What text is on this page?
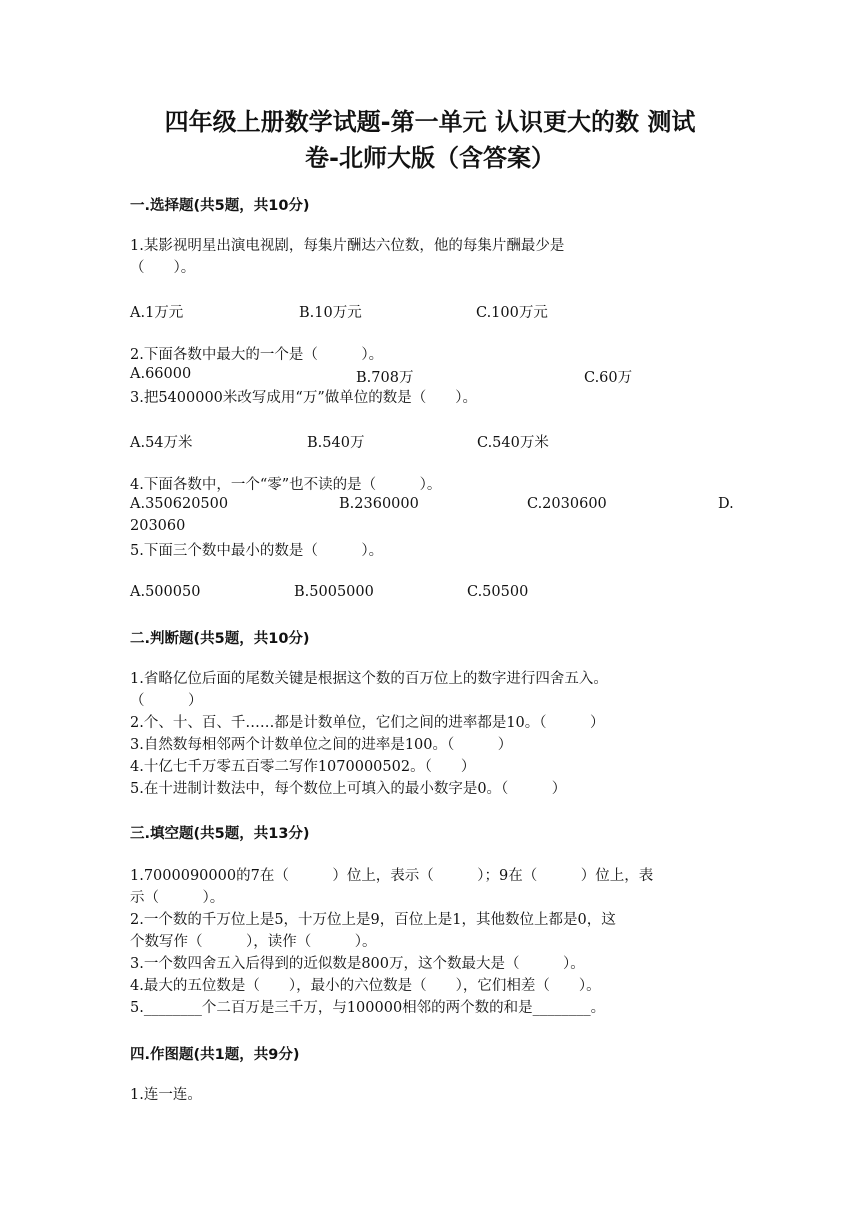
四年级上册数学试题-第一单元 认识更大的数 测试
卷-北师大版（含答案）
一.选择题(共5题，共10分)
1.某影视明星出演电视剧，每集片酬达六位数，他的每集片酬最少是
（　　）。
A.1万元	B.10万元	C.100万元
2.下面各数中最大的一个是（　　　）。
A.66000	B.708万	C.60万
3.把5400000米改写成用“万”做单位的数是（　　）。
A.54万米	B.540万	C.540万米
4.下面各数中，一个“零”也不读的是（　　　）。
A.350620500	B.2360000	C.2030600	D.
203060
5.下面三个数中最小的数是（　　　）。
A.500050	B.5005000	C.50500
二.判断题(共5题，共10分)
1.省略亿位后面的尾数关键是根据这个数的百万位上的数字进行四舍五入。
（　　　）
2.个、十、百、千……都是计数单位，它们之间的进率都是10。（　　　）
3.自然数每相邻两个计数单位之间的进率是100。（　　　）
4.十亿七千万零五百零二写作1070000502。（　　）
5.在十进制计数法中，每个数位上可填入的最小数字是0。（　　　）
三.填空题(共5题，共13分)
1.7000090000的7在（　　　）位上，表示（　　　）；9在（　　　）位上，表
示（　　　）。
2.一个数的千万位上是5，十万位上是9，百位上是1，其他数位上都是0，这
个数写作（　　　），读作（　　　）。
3.一个数四舍五入后得到的近似数是800万，这个数最大是（　　　）。
4.最大的五位数是（　　），最小的六位数是（　　），它们相差（　　）。
5.________个二百万是三千万，与100000相邻的两个数的和是________。
四.作图题(共1题，共9分)
1.连一连。
